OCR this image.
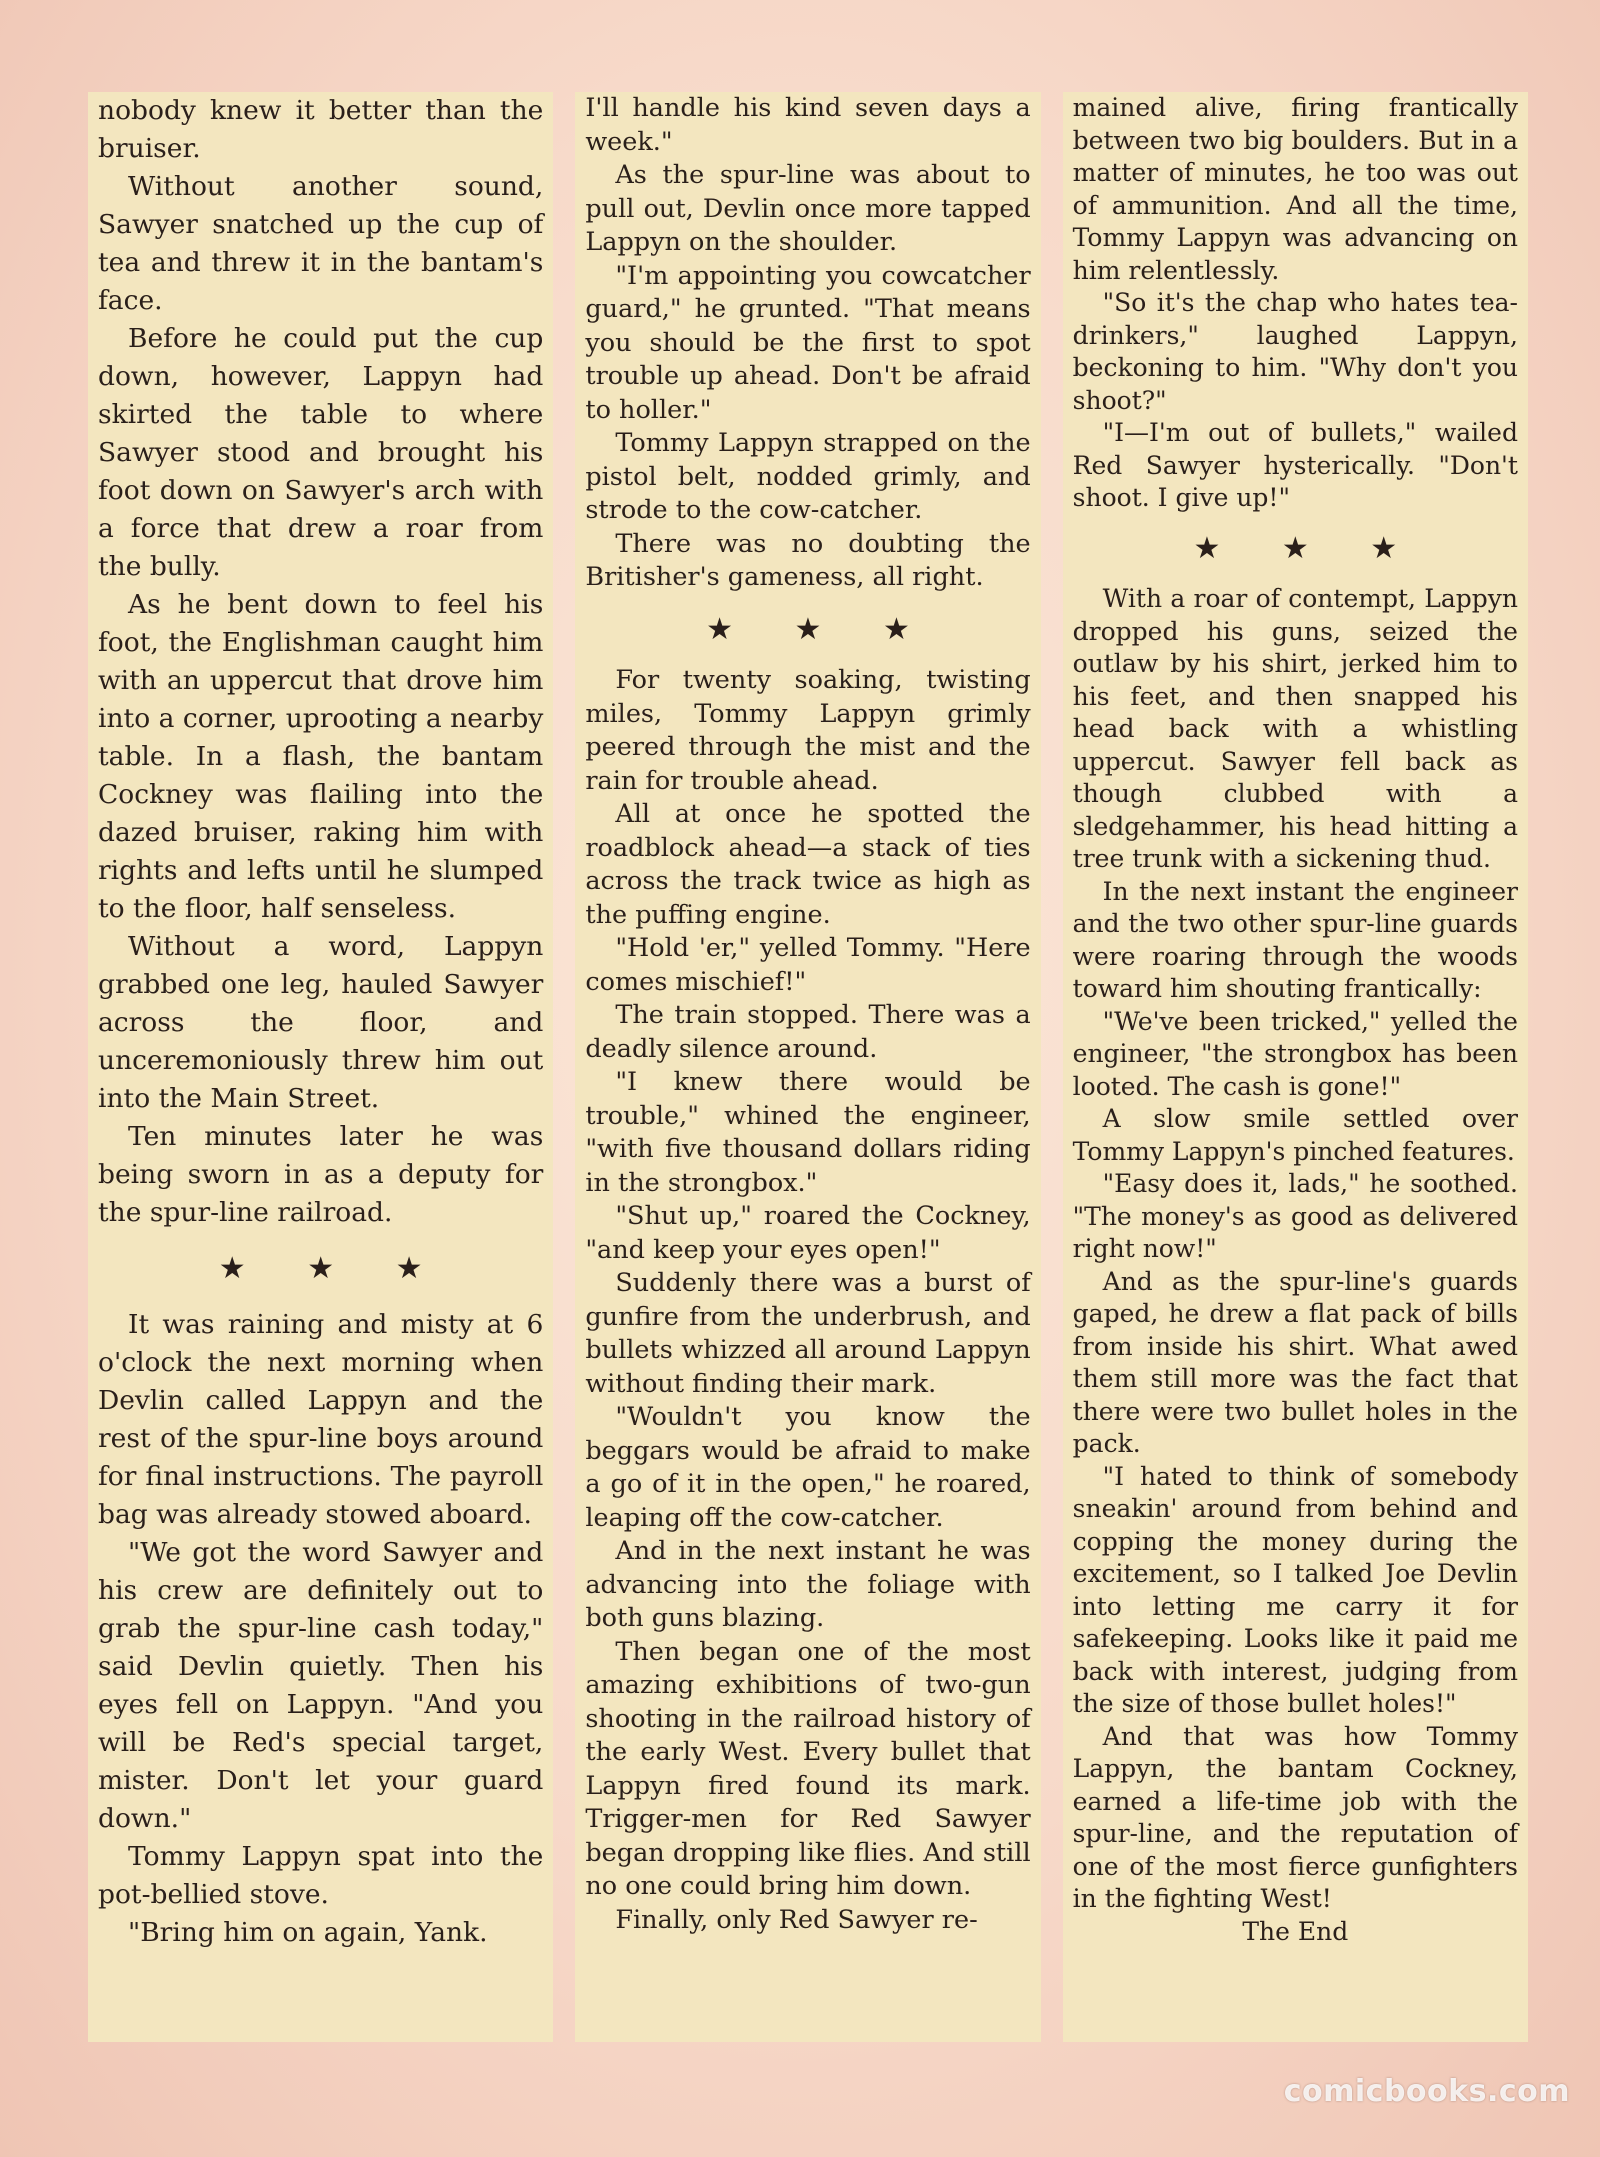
nobody knew it better than the bruiser.

Without another sound, Sawyer snatched up the cup of tea and threw it in the bantam's face.

Before he could put the cup down, however, Lappyn had skirted the table to where Sawyer stood and brought his foot down on Sawyer's arch with a force that drew a roar from the bully.

As he bent down to feel his foot, the Englishman caught him with an uppercut that drove him into a corner, uprooting a nearby table. In a flash, the bantam Cockney was flailing into the dazed bruiser, raking him with rights and lefts until he slumped to the floor, half senseless.

Without a word, Lappyn grabbed one leg, hauled Sawyer across the floor, and unceremoniously threw him out into the Main Street.

Ten minutes later he was being sworn in as a deputy for the spur-line railroad.

★ ★ ★

It was raining and misty at 6 o'clock the next morning when Devlin called Lappyn and the rest of the spur-line boys around for final instructions. The payroll bag was already stowed aboard.

"We got the word Sawyer and his crew are definitely out to grab the spur-line cash today," said Devlin quietly. Then his eyes fell on Lappyn. "And you will be Red's special target, mister. Don't let your guard down."

Tommy Lappyn spat into the pot-bellied stove.

"Bring him on again, Yank.

I'll handle his kind seven days a week."

As the spur-line was about to pull out, Devlin once more tapped Lappyn on the shoulder.

"I'm appointing you cowcatcher guard," he grunted. "That means you should be the first to spot trouble up ahead. Don't be afraid to holler."

Tommy Lappyn strapped on the pistol belt, nodded grimly, and strode to the cow-catcher.

There was no doubting the Britisher's gameness, all right.

★ ★ ★

For twenty soaking, twisting miles, Tommy Lappyn grimly peered through the mist and the rain for trouble ahead.

All at once he spotted the roadblock ahead—a stack of ties across the track twice as high as the puffing engine.

"Hold 'er," yelled Tommy. "Here comes mischief!"

The train stopped. There was a deadly silence around.

"I knew there would be trouble," whined the engineer, "with five thousand dollars riding in the strongbox."

"Shut up," roared the Cockney, "and keep your eyes open!"

Suddenly there was a burst of gunfire from the underbrush, and bullets whizzed all around Lappyn without finding their mark.

"Wouldn't you know the beggars would be afraid to make a go of it in the open," he roared, leaping off the cow-catcher.

And in the next instant he was advancing into the foliage with both guns blazing.

Then began one of the most amazing exhibitions of two-gun shooting in the railroad history of the early West. Every bullet that Lappyn fired found its mark. Trigger-men for Red Sawyer began dropping like flies. And still no one could bring him down.

Finally, only Red Sawyer re-

mained alive, firing frantically between two big boulders. But in a matter of minutes, he too was out of ammunition. And all the time, Tommy Lappyn was advancing on him relentlessly.

"So it's the chap who hates tea-drinkers," laughed Lappyn, beckoning to him. "Why don't you shoot?"

"I—I'm out of bullets," wailed Red Sawyer hysterically. "Don't shoot. I give up!"

★ ★ ★

With a roar of contempt, Lappyn dropped his guns, seized the outlaw by his shirt, jerked him to his feet, and then snapped his head back with a whistling uppercut. Sawyer fell back as though clubbed with a sledgehammer, his head hitting a tree trunk with a sickening thud.

In the next instant the engineer and the two other spur-line guards were roaring through the woods toward him shouting frantically:

"We've been tricked," yelled the engineer, "the strongbox has been looted. The cash is gone!"

A slow smile settled over Tommy Lappyn's pinched features.

"Easy does it, lads," he soothed. "The money's as good as delivered right now!"

And as the spur-line's guards gaped, he drew a flat pack of bills from inside his shirt. What awed them still more was the fact that there were two bullet holes in the pack.

"I hated to think of somebody sneakin' around from behind and copping the money during the excitement, so I talked Joe Devlin into letting me carry it for safekeeping. Looks like it paid me back with interest, judging from the size of those bullet holes!"

And that was how Tommy Lappyn, the bantam Cockney, earned a life-time job with the spur-line, and the reputation of one of the most fierce gunfighters in the fighting West!

The End

comicbooks.com
